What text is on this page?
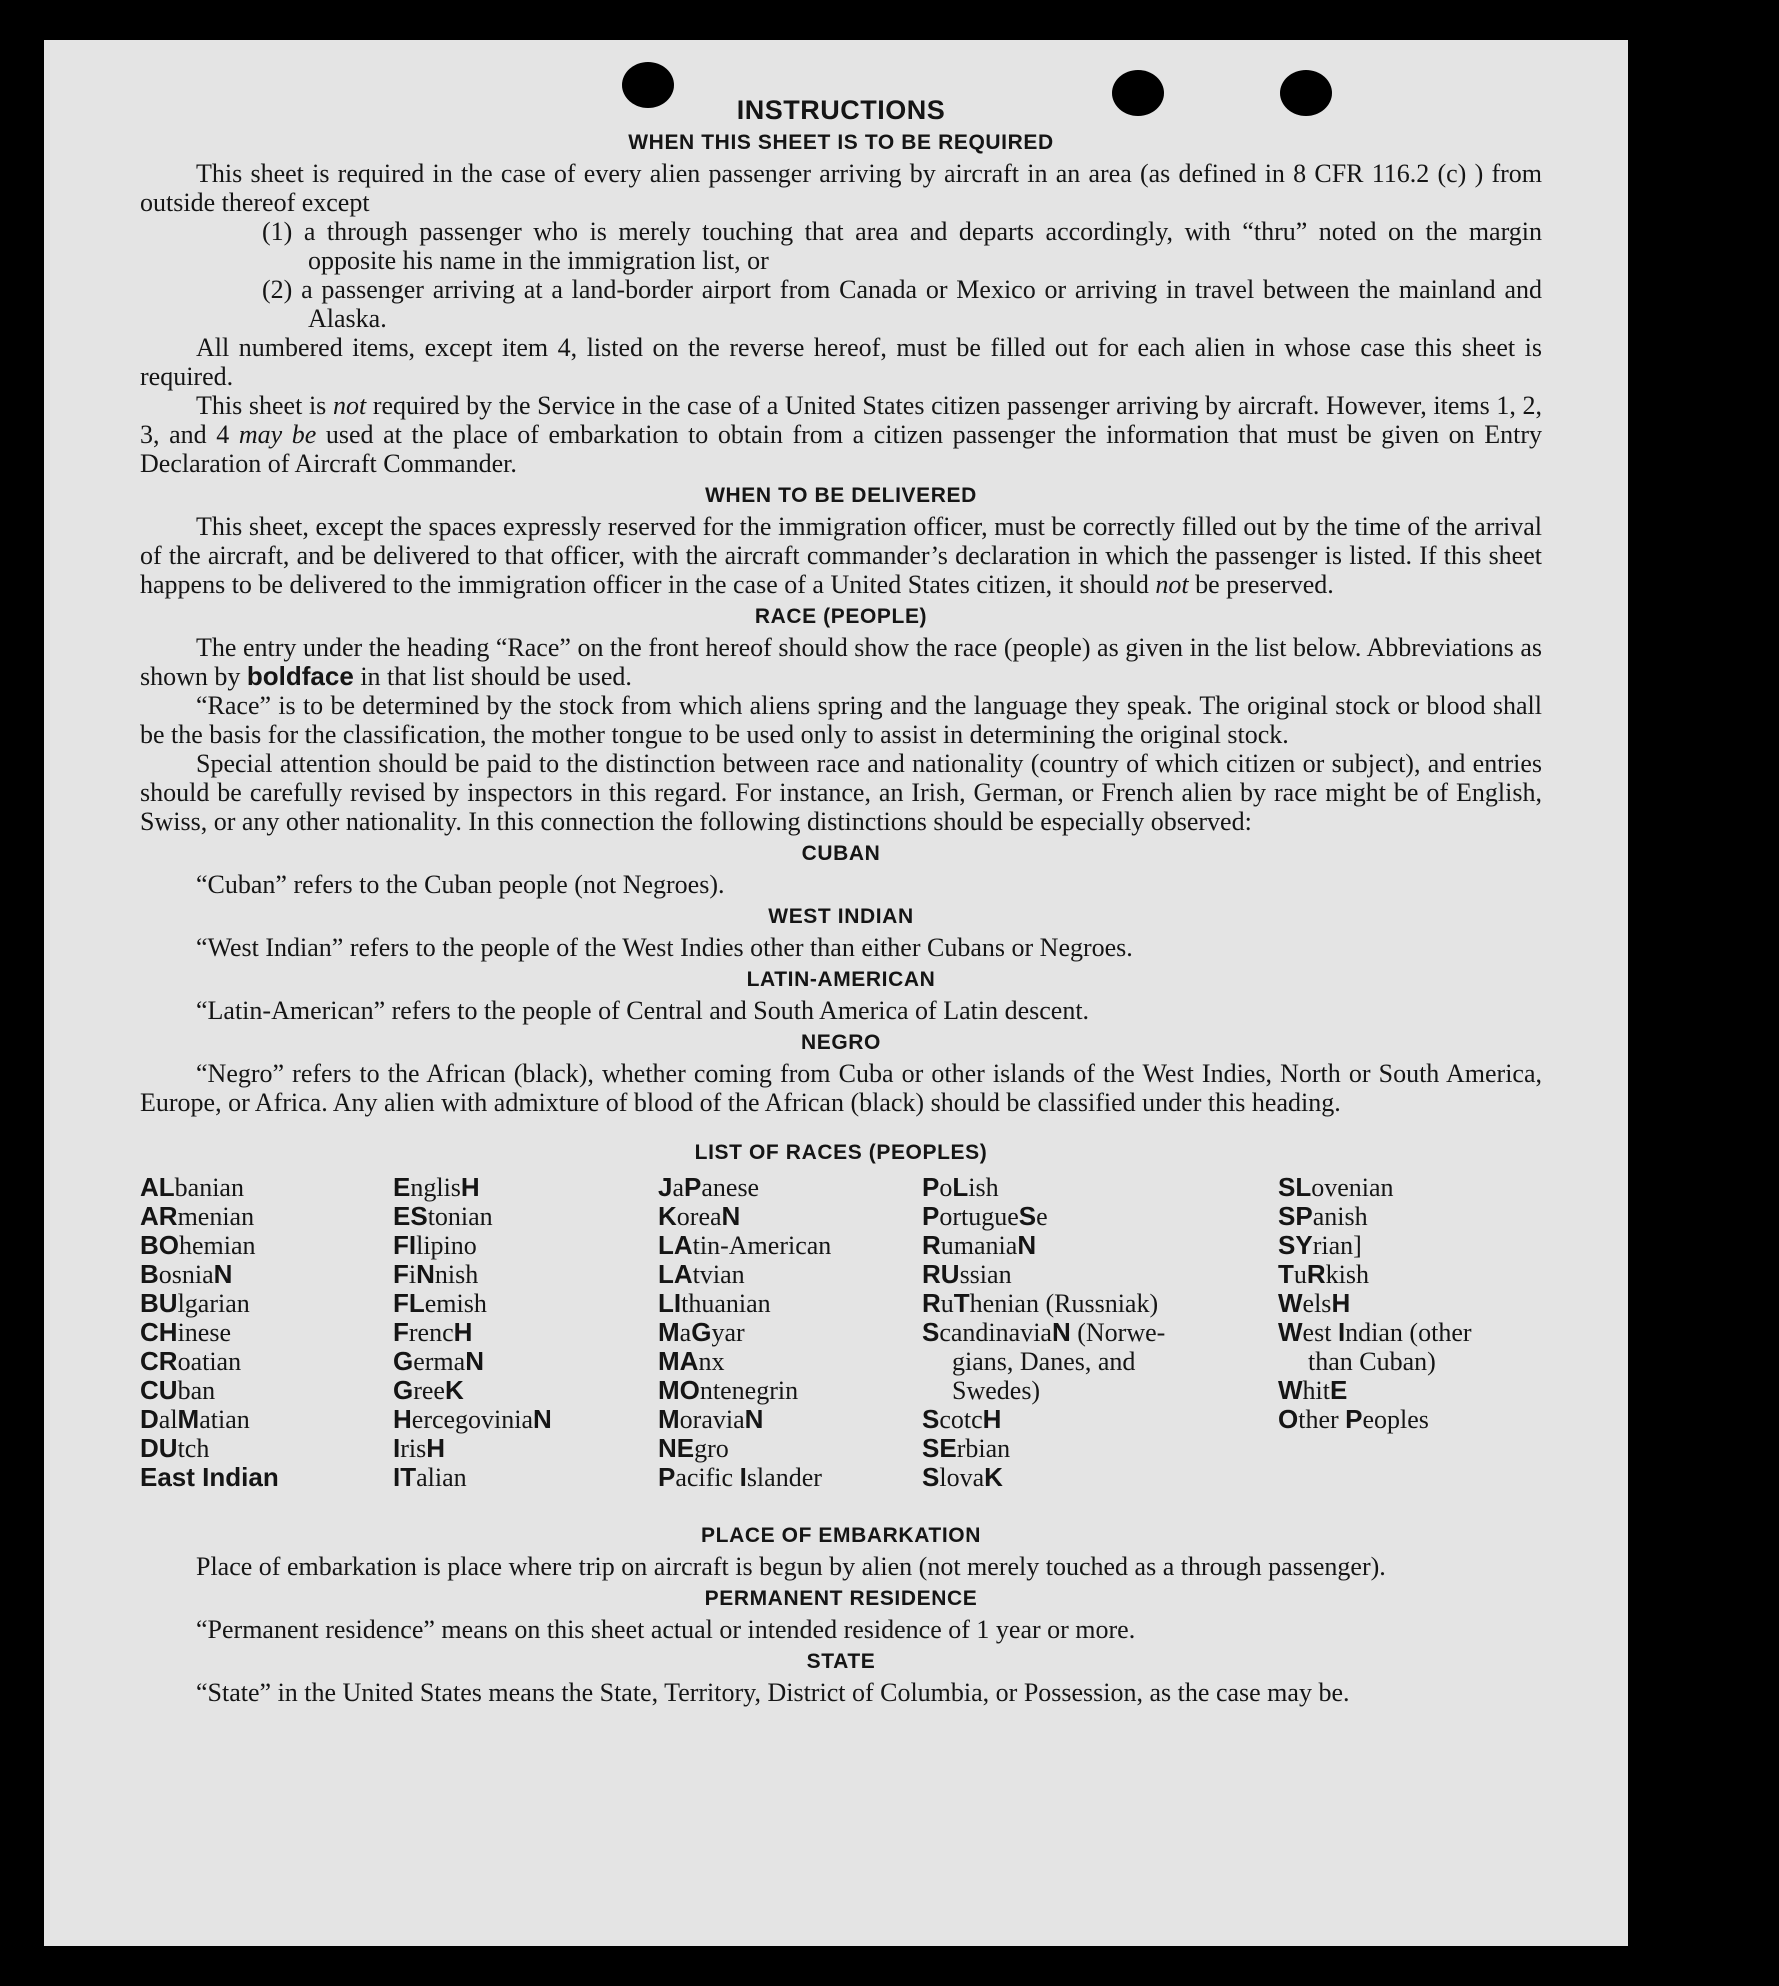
INSTRUCTIONS
WHEN THIS SHEET IS TO BE REQUIRED

This sheet is required in the case of every alien passenger arriving by aircraft in an area (as defined in 8 CFR 116.2 (c) ) from outside thereof except

(1) a through passenger who is merely touching that area and departs accordingly, with “thru” noted on the margin opposite his name in the immigration list, or
(2) a passenger arriving at a land-border airport from Canada or Mexico or arriving in travel between the mainland and Alaska.

All numbered items, except item 4, listed on the reverse hereof, must be filled out for each alien in whose case this sheet is required.

This sheet is not required by the Service in the case of a United States citizen passenger arriving by aircraft. However, items 1, 2, 3, and 4 may be used at the place of embarkation to obtain from a citizen passenger the information that must be given on Entry Declaration of Aircraft Commander.

WHEN TO BE DELIVERED

This sheet, except the spaces expressly reserved for the immigration officer, must be correctly filled out by the time of the arrival of the aircraft, and be delivered to that officer, with the aircraft commander’s declaration in which the passenger is listed. If this sheet happens to be delivered to the immigration officer in the case of a United States citizen, it should not be preserved.

RACE (PEOPLE)

The entry under the heading “Race” on the front hereof should show the race (people) as given in the list below. Abbreviations as shown by boldface in that list should be used.

“Race” is to be determined by the stock from which aliens spring and the language they speak. The original stock or blood shall be the basis for the classification, the mother tongue to be used only to assist in determining the original stock.

Special attention should be paid to the distinction between race and nationality (country of which citizen or subject), and entries should be carefully revised by inspectors in this regard. For instance, an Irish, German, or French alien by race might be of English, Swiss, or any other nationality. In this connection the following distinctions should be especially observed:

CUBAN

“Cuban” refers to the Cuban people (not Negroes).

WEST INDIAN

“West Indian” refers to the people of the West Indies other than either Cubans or Negroes.

LATIN-AMERICAN

“Latin-American” refers to the people of Central and South America of Latin descent.

NEGRO

“Negro” refers to the African (black), whether coming from Cuba or other islands of the West Indies, North or South America, Europe, or Africa. Any alien with admixture of blood of the African (black) should be classified under this heading.

LIST OF RACES (PEOPLES)
ALbanian
ARmenian
BOhemian
BosniaN
BUlgarian
CHinese
CRoatian
CUban
DalMatian
DUtch
East Indian
EnglisH
EStonian
FIlipino
FiNnish
FLemish
FrencH
GermaN
GreeK
HercegoviniaN
IrisH
ITalian
JaPanese
KoreaN
LAtin-American
LAtvian
LIthuanian
MaGyar
MAnx
MOntenegrin
MoraviaN
NEgro
Pacific Islander
PoLish
PortugueSe
RumaniaN
RUssian
RuThenian (Russniak)
ScandinaviaN (Norwe-
gians, Danes, and
Swedes)
ScotcH
SErbian
SlovaK
SLovenian
SPanish
SYrian]
TuRkish
WelsH
West Indian (other
than Cuban)
WhitE
Other Peoples
PLACE OF EMBARKATION

Place of embarkation is place where trip on aircraft is begun by alien (not merely touched as a through passenger).

PERMANENT RESIDENCE

“Permanent residence” means on this sheet actual or intended residence of 1 year or more.

STATE

“State” in the United States means the State, Territory, District of Columbia, or Possession, as the case may be.
